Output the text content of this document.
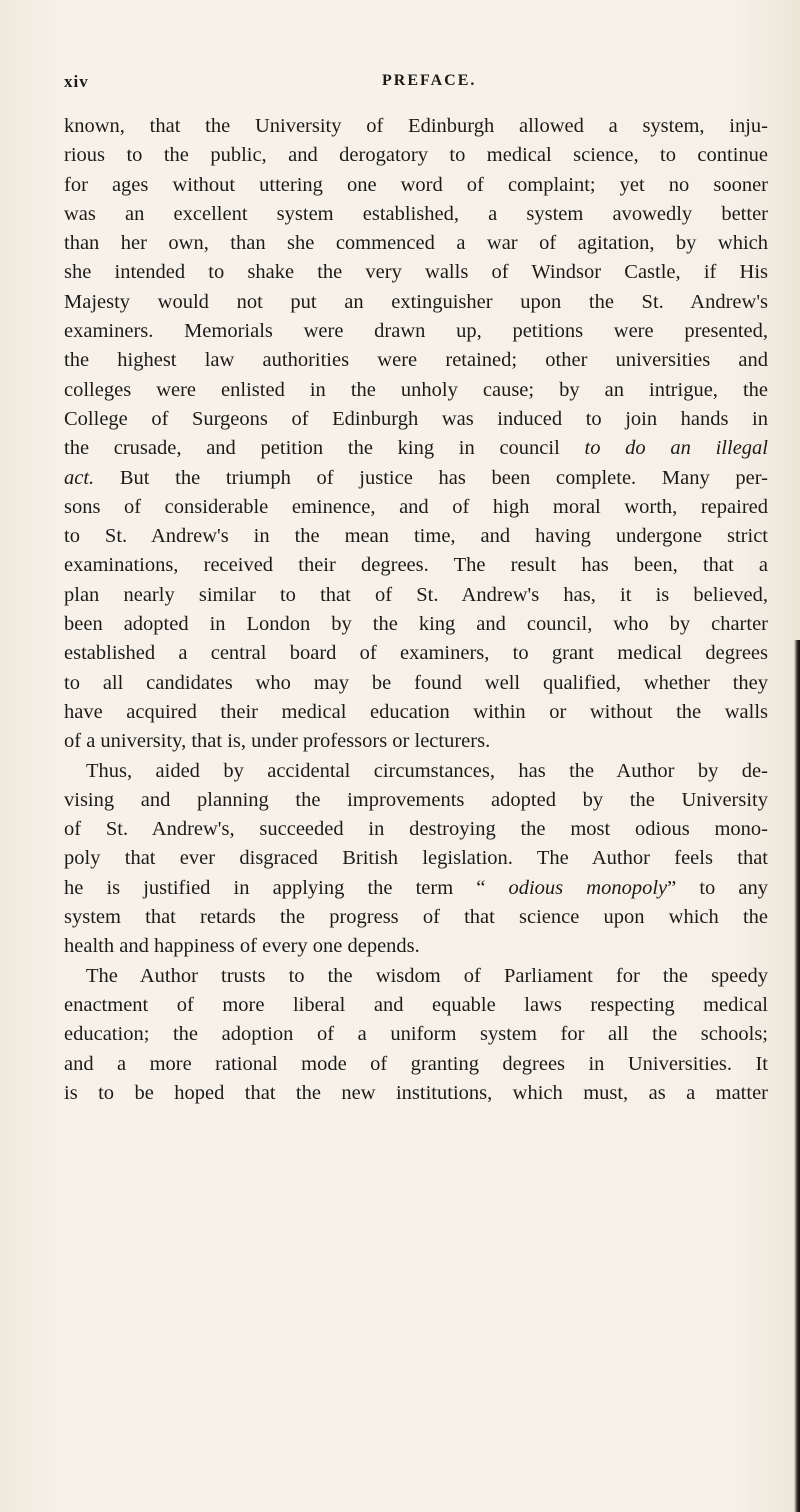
xiv	PREFACE.
known, that the University of Edinburgh allowed a system, inju-
rious to the public, and derogatory to medical science, to continue
for ages without uttering one word of complaint; yet no sooner
was an excellent system established, a system avowedly better
than her own, than she commenced a war of agitation, by which
she intended to shake the very walls of Windsor Castle, if His
Majesty would not put an extinguisher upon the St. Andrew's
examiners. Memorials were drawn up, petitions were presented,
the highest law authorities were retained; other universities and
colleges were enlisted in the unholy cause; by an intrigue, the
College of Surgeons of Edinburgh was induced to join hands in
the crusade, and petition the king in council to do an illegal
act. But the triumph of justice has been complete. Many per-
sons of considerable eminence, and of high moral worth, repaired
to St. Andrew's in the mean time, and having undergone strict
examinations, received their degrees. The result has been, that a
plan nearly similar to that of St. Andrew's has, it is believed,
been adopted in London by the king and council, who by charter
established a central board of examiners, to grant medical degrees
to all candidates who may be found well qualified, whether they
have acquired their medical education within or without the walls
of a university, that is, under professors or lecturers.
Thus, aided by accidental circumstances, has the Author by de-
vising and planning the improvements adopted by the University
of St. Andrew's, succeeded in destroying the most odious mono-
poly that ever disgraced British legislation. The Author feels that
he is justified in applying the term “ odious monopoly” to any
system that retards the progress of that science upon which the
health and happiness of every one depends.
The Author trusts to the wisdom of Parliament for the speedy
enactment of more liberal and equable laws respecting medical
education; the adoption of a uniform system for all the schools;
and a more rational mode of granting degrees in Universities. It
is to be hoped that the new institutions, which must, as a matter
